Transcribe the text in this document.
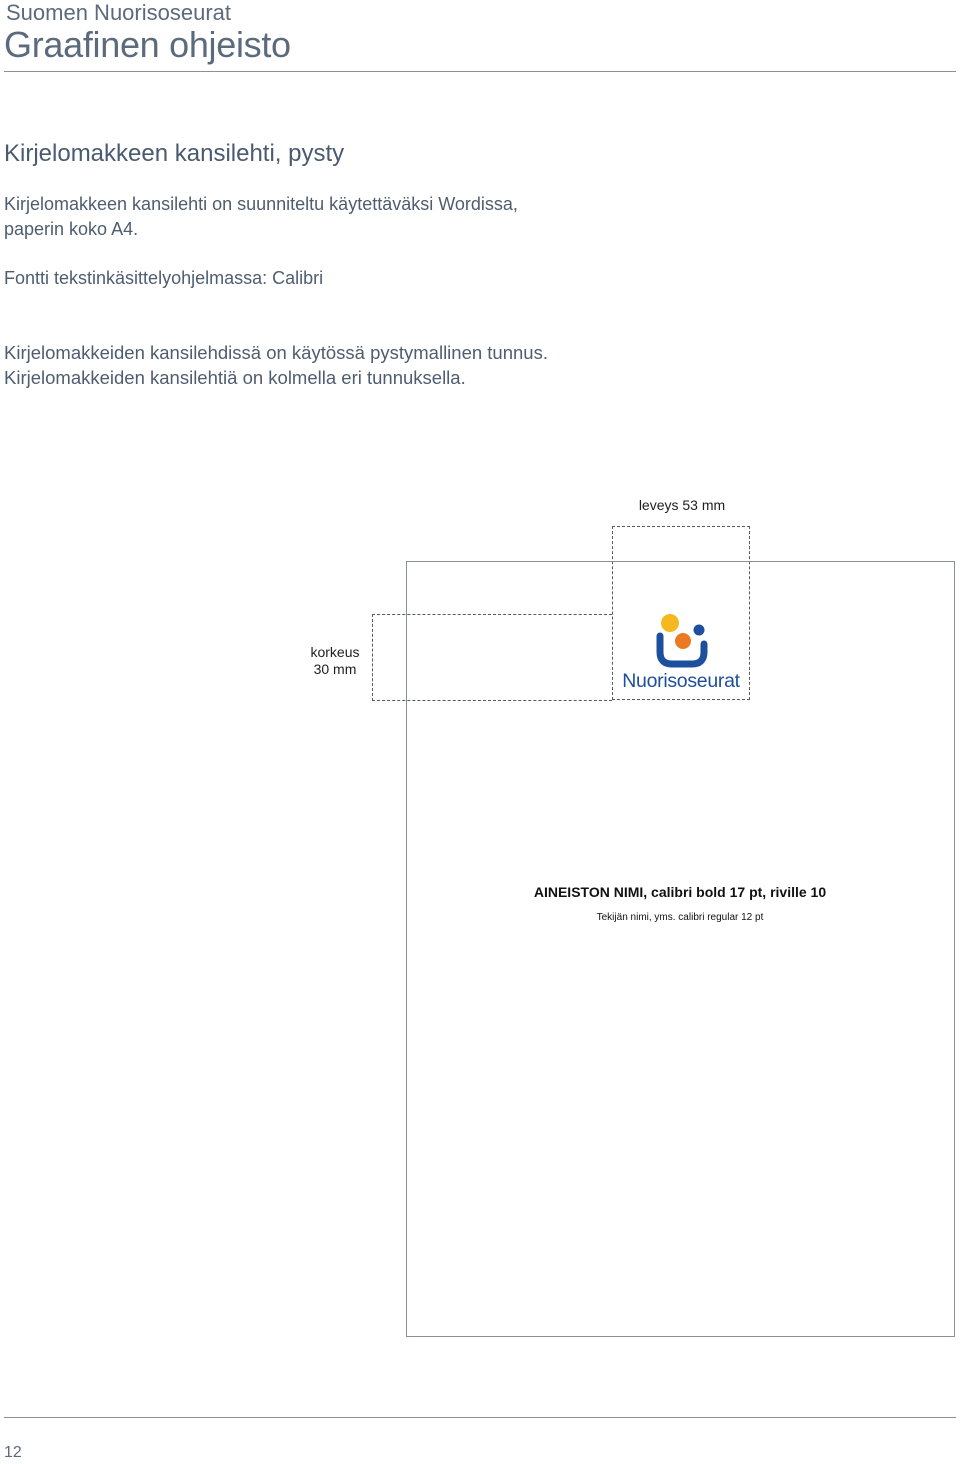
Suomen Nuorisoseurat
Graafinen ohjeisto
Kirjelomakkeen kansilehti, pysty
Kirjelomakkeen kansilehti on suunniteltu käytettäväksi Wordissa,
paperin koko A4.
Fontti tekstinkäsittelyohjelmassa: Calibri
Kirjelomakkeiden kansilehdissä on käytössä pystymallinen tunnus.
Kirjelomakkeiden kansilehtiä on kolmella eri tunnuksella.
leveys 53 mm
korkeus
30 mm
Nuorisoseurat
AINEISTON NIMI, calibri bold 17 pt, riville 10
Tekijän nimi, yms. calibri regular 12 pt
12
